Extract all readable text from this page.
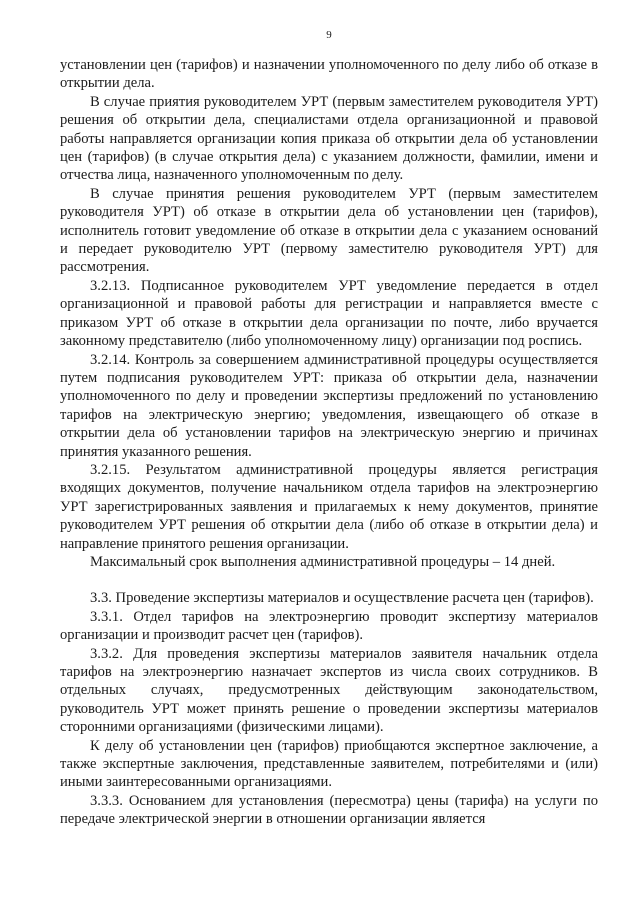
9

установлении цен (тарифов) и назначении уполномоченного по делу либо об отказе в открытии дела.

В случае приятия руководителем УРТ (первым заместителем руководителя УРТ) решения об открытии дела, специалистами отдела организационной и правовой работы направляется организации копия приказа об открытии дела об установлении цен (тарифов) (в случае открытия дела) с указанием должности, фамилии, имени и отчества лица, назначенного уполномоченным по делу.

В случае принятия решения руководителем УРТ (первым заместителем руководителя УРТ) об отказе в открытии дела об установлении цен (тарифов), исполнитель готовит уведомление об отказе в открытии дела с указанием оснований и передает руководителю УРТ (первому заместителю руководителя УРТ) для рассмотрения.

3.2.13. Подписанное руководителем УРТ уведомление передается в отдел организационной и правовой работы для регистрации и направляется вместе с приказом УРТ об отказе в открытии дела организации по почте, либо вручается законному представителю (либо уполномоченному лицу) организации под роспись.

3.2.14. Контроль за совершением административной процедуры осуществляется путем подписания руководителем УРТ: приказа об открытии дела, назначении уполномоченного по делу и проведении экспертизы предложений по установлению тарифов на электрическую энергию; уведомления, извещающего об отказе в открытии дела об установлении тарифов на электрическую энергию и причинах принятия указанного решения.

3.2.15. Результатом административной процедуры является регистрация входящих документов, получение начальником отдела тарифов на электроэнергию УРТ зарегистрированных заявления и прилагаемых к нему документов, принятие руководителем УРТ решения об открытии дела (либо об отказе в открытии дела) и направление принятого решения организации.

Максимальный срок выполнения административной процедуры – 14 дней.

3.3. Проведение экспертизы материалов и осуществление расчета цен (тарифов).

3.3.1. Отдел тарифов на электроэнергию проводит экспертизу материалов организации и производит расчет цен (тарифов).

3.3.2. Для проведения экспертизы материалов заявителя начальник отдела тарифов на электроэнергию назначает экспертов из числа своих сотрудников. В отдельных случаях, предусмотренных действующим законодательством, руководитель УРТ может принять решение о проведении экспертизы материалов сторонними организациями (физическими лицами).

К делу об установлении цен (тарифов) приобщаются экспертное заключение, а также экспертные заключения, представленные заявителем, потребителями и (или) иными заинтересованными организациями.

3.3.3. Основанием для установления (пересмотра) цены (тарифа) на услуги по передаче электрической энергии в отношении организации является
